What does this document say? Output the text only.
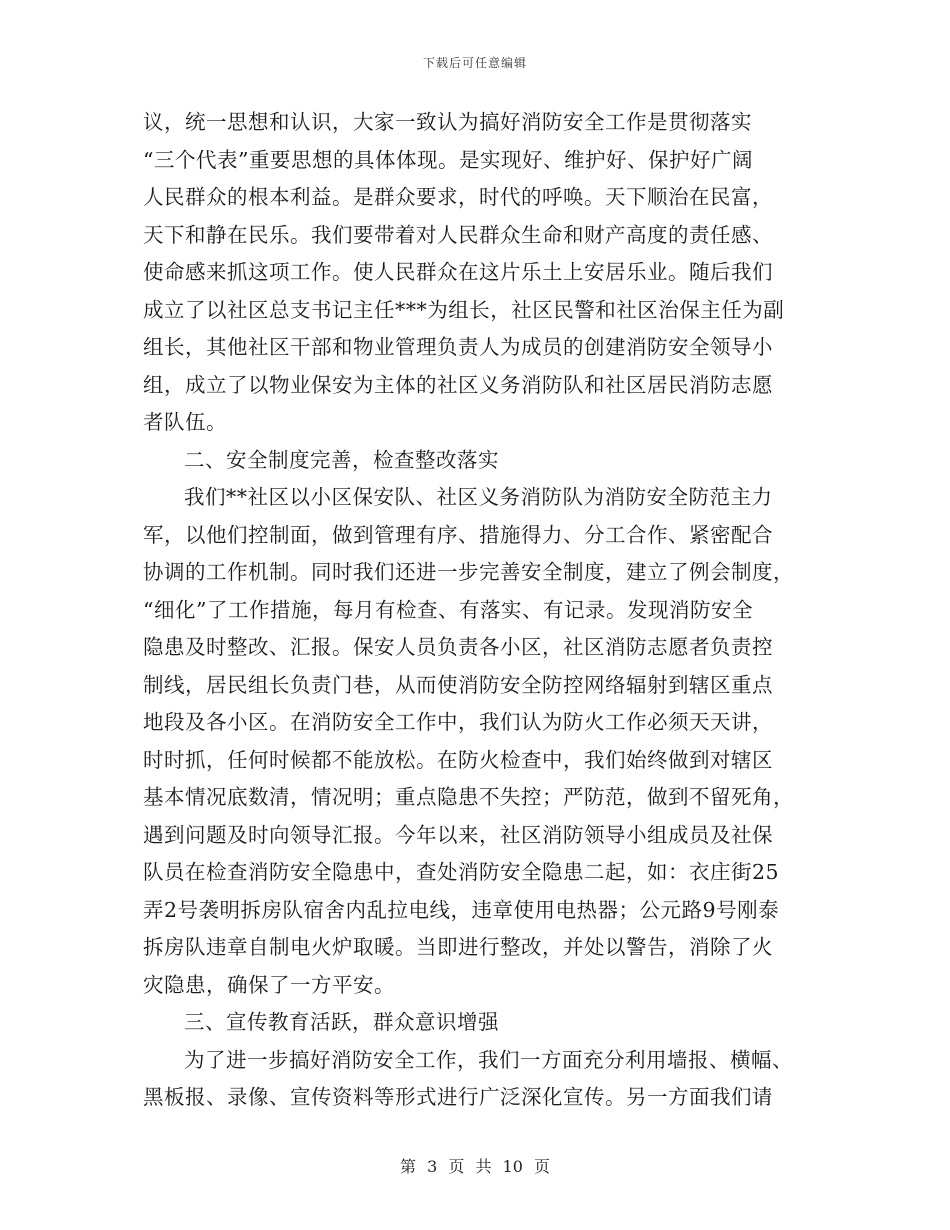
下载后可任意编辑
议，统一思想和认识，大家一致认为搞好消防安全工作是贯彻落实
“三个代表”重要思想的具体体现。是实现好、维护好、保护好广阔
人民群众的根本利益。是群众要求，时代的呼唤。天下顺治在民富，
天下和静在民乐。我们要带着对人民群众生命和财产高度的责任感、
使命感来抓这项工作。使人民群众在这片乐土上安居乐业。随后我们
成立了以社区总支书记主任***为组长，社区民警和社区治保主任为副
组长，其他社区干部和物业管理负责人为成员的创建消防安全领导小
组，成立了以物业保安为主体的社区义务消防队和社区居民消防志愿
者队伍。
二、安全制度完善，检查整改落实
我们**社区以小区保安队、社区义务消防队为消防安全防范主力
军，以他们控制面，做到管理有序、措施得力、分工合作、紧密配合
协调的工作机制。同时我们还进一步完善安全制度，建立了例会制度，
“细化”了工作措施，每月有检查、有落实、有记录。发现消防安全
隐患及时整改、汇报。保安人员负责各小区，社区消防志愿者负责控
制线，居民组长负责门巷，从而使消防安全防控网络辐射到辖区重点
地段及各小区。在消防安全工作中，我们认为防火工作必须天天讲，
时时抓，任何时候都不能放松。在防火检查中，我们始终做到对辖区
基本情况底数清，情况明；重点隐患不失控；严防范，做到不留死角，
遇到问题及时向领导汇报。今年以来，社区消防领导小组成员及社保
队员在检查消防安全隐患中，查处消防安全隐患二起，如：衣庄街25
弄2号袭明拆房队宿舍内乱拉电线，违章使用电热器；公元路9号刚泰
拆房队违章自制电火炉取暖。当即进行整改，并处以警告，消除了火
灾隐患，确保了一方平安。
三、宣传教育活跃，群众意识增强
为了进一步搞好消防安全工作，我们一方面充分利用墙报、横幅、
黑板报、录像、宣传资料等形式进行广泛深化宣传。另一方面我们请
第 3 页 共 10 页
